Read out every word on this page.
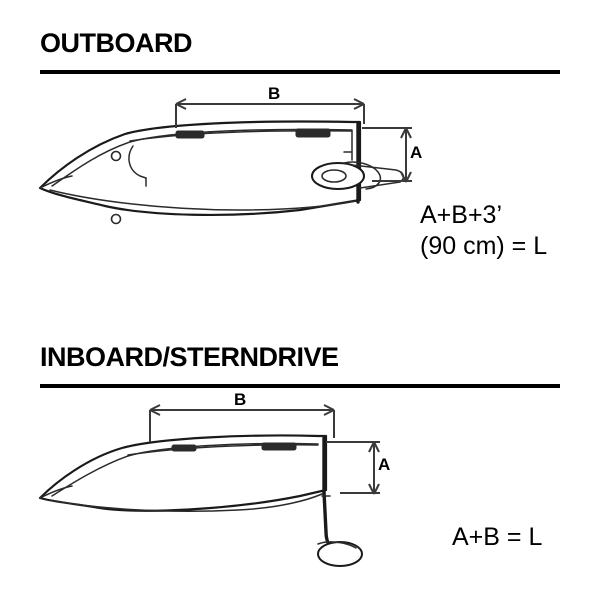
OUTBOARD
B
A
A+B+3’
(90 cm) = L
INBOARD/STERNDRIVE
B
A
A+B = L
